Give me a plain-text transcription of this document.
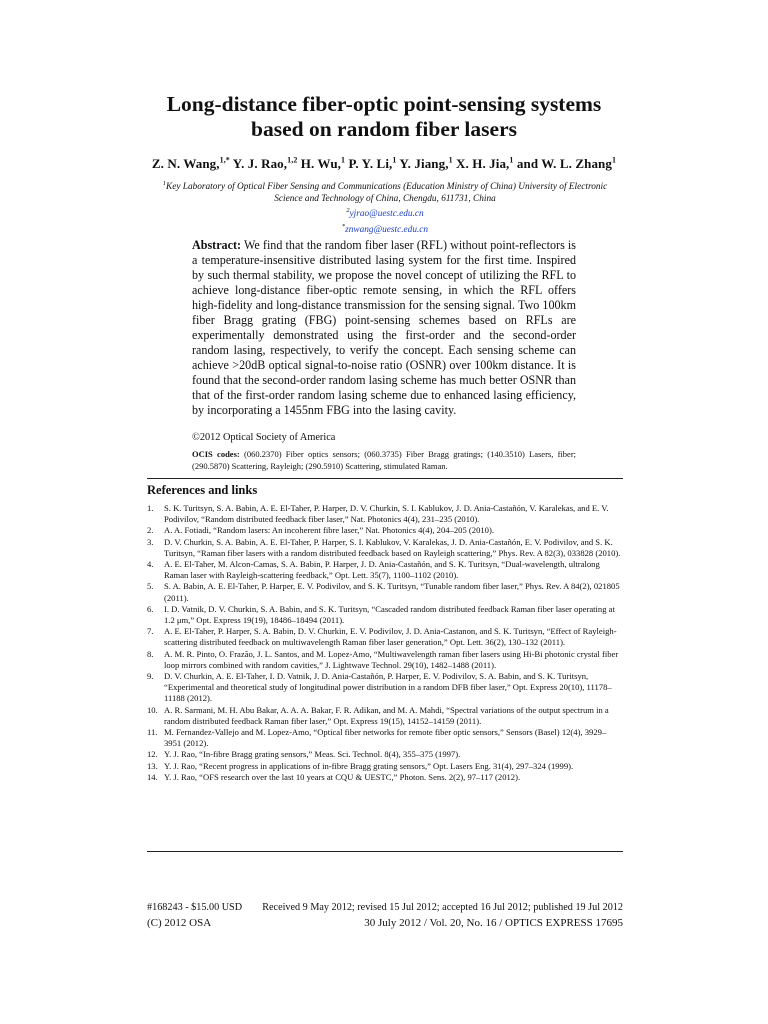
Long-distance fiber-optic point-sensing systems
based on random fiber lasers
Z. N. Wang,$^{1,*}$ Y. J. Rao,$^{1,2}$ H. Wu,$^1$ P. Y. Li,$^1$ Y. Jiang,$^1$ X. H. Jia,$^1$ and W. L. Zhang$^1$
$^1$Key Laboratory of Optical Fiber Sensing and Communications (Education Ministry of China) University of Electronic Science and Technology of China, Chengdu, 611731, China
$^2$yjrao@uestc.edu.cn
*znwang@uestc.edu.cn
Abstract: We find that the random fiber laser (RFL) without point-reflectors is a temperature-insensitive distributed lasing system for the first time. Inspired by such thermal stability, we propose the novel concept of utilizing the RFL to achieve long-distance fiber-optic remote sensing, in which the RFL offers high-fidelity and long-distance transmission for the sensing signal. Two 100km fiber Bragg grating (FBG) point-sensing schemes based on RFLs are experimentally demonstrated using the first-order and the second-order random lasing, respectively, to verify the concept. Each sensing scheme can achieve >20dB optical signal-to-noise ratio (OSNR) over 100km distance. It is found that the second-order random lasing scheme has much better OSNR than that of the first-order random lasing scheme due to enhanced lasing efficiency, by incorporating a 1455nm FBG into the lasing cavity.
©2012 Optical Society of America
OCIS codes: (060.2370) Fiber optics sensors; (060.3735) Fiber Bragg gratings; (140.3510) Lasers, fiber; (290.5870) Scattering, Rayleigh; (290.5910) Scattering, stimulated Raman.
References and links

1. S. K. Turitsyn, S. A. Babin, A. E. El-Taher, P. Harper, D. V. Churkin, S. I. Kablukov, J. D. Ania-Castañón, V. Karalekas, and E. V. Podivilov, “Random distributed feedback fiber laser,” Nat. Photonics 4(4), 231–235 (2010).

2. A. A. Fotiadi, “Random lasers: An incoherent fibre laser,” Nat. Photonics 4(4), 204–205 (2010).

3. D. V. Churkin, S. A. Babin, A. E. El-Taher, P. Harper, S. I. Kablukov, V. Karalekas, J. D. Ania-Castañón, E. V. Podivilov, and S. K. Turitsyn, “Raman fiber lasers with a random distributed feedback based on Rayleigh scattering,” Phys. Rev. A 82(3), 033828 (2010).

4. A. E. El-Taher, M. Alcon-Camas, S. A. Babin, P. Harper, J. D. Ania-Castañón, and S. K. Turitsyn, “Dual-wavelength, ultralong Raman laser with Rayleigh-scattering feedback,” Opt. Lett. 35(7), 1100–1102 (2010).

5. S. A. Babin, A. E. El-Taher, P. Harper, E. V. Podivilov, and S. K. Turitsyn, “Tunable random fiber laser,” Phys. Rev. A 84(2), 021805 (2011).

6. I. D. Vatnik, D. V. Churkin, S. A. Babin, and S. K. Turitsyn, “Cascaded random distributed feedback Raman fiber laser operating at 1.2 μm,” Opt. Express 19(19), 18486–18494 (2011).

7. A. E. El-Taher, P. Harper, S. A. Babin, D. V. Churkin, E. V. Podivilov, J. D. Ania-Castanon, and S. K. Turitsyn, “Effect of Rayleigh-scattering distributed feedback on multiwavelength Raman fiber laser generation,” Opt. Lett. 36(2), 130–132 (2011).

8. A. M. R. Pinto, O. Frazão, J. L. Santos, and M. Lopez-Amo, “Multiwavelength raman fiber lasers using Hi-Bi photonic crystal fiber loop mirrors combined with random cavities,” J. Lightwave Technol. 29(10), 1482–1488 (2011).

9. D. V. Churkin, A. E. El-Taher, I. D. Vatnik, J. D. Ania-Castañón, P. Harper, E. V. Podivilov, S. A. Babin, and S. K. Turitsyn, “Experimental and theoretical study of longitudinal power distribution in a random DFB fiber laser,” Opt. Express 20(10), 11178–11188 (2012).

10. A. R. Sarmani, M. H. Abu Bakar, A. A. A. Bakar, F. R. Adikan, and M. A. Mahdi, “Spectral variations of the output spectrum in a random distributed feedback Raman fiber laser,” Opt. Express 19(15), 14152–14159 (2011).

11. M. Fernandez-Vallejo and M. Lopez-Amo, “Optical fiber networks for remote fiber optic sensors,” Sensors (Basel) 12(4), 3929–3951 (2012).

12. Y. J. Rao, “In-fibre Bragg grating sensors,” Meas. Sci. Technol. 8(4), 355–375 (1997).

13. Y. J. Rao, “Recent progress in applications of in-fibre Bragg grating sensors,” Opt. Lasers Eng. 31(4), 297–324 (1999).

14. Y. J. Rao, “OFS research over the last 10 years at CQU & UESTC,” Photon. Sens. 2(2), 97–117 (2012).

#168243 - $15.00 USD Received 9 May 2012; revised 15 Jul 2012; accepted 16 Jul 2012; published 19 Jul 2012
(C) 2012 OSA	30 July 2012 / Vol. 20, No. 16 / OPTICS EXPRESS 17695
